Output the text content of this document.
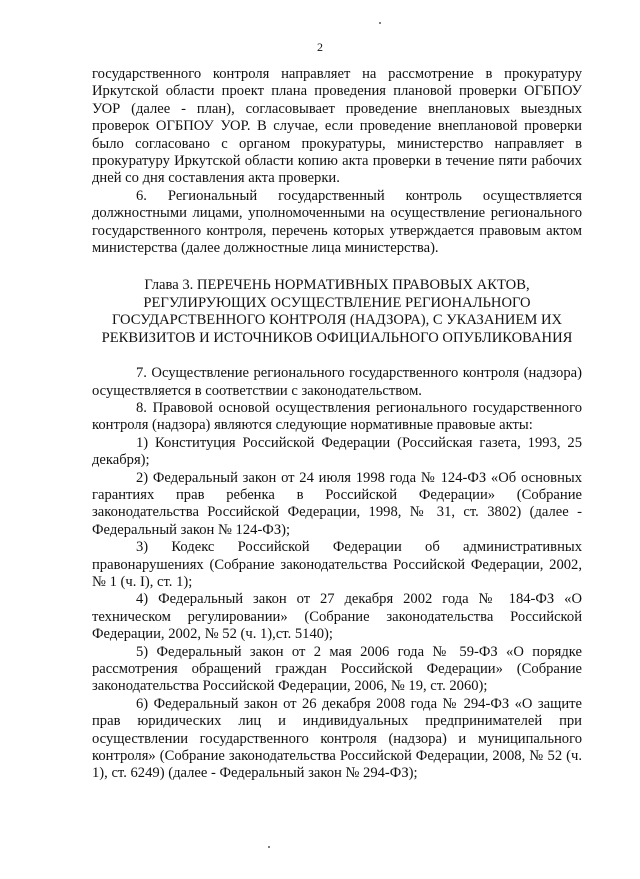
2

государственного контроля направляет на рассмотрение в прокуратуру Иркутской области проект плана проведения плановой проверки ОГБПОУ УОР (далее - план), согласовывает проведение внеплановых выездных проверок ОГБПОУ УОР. В случае, если проведение внеплановой проверки было согласовано с органом прокуратуры, министерство направляет в прокуратуру Иркутской области копию акта проверки в течение пяти рабочих дней со дня составления акта проверки.

6. Региональный государственный контроль осуществляется должностными лицами, уполномоченными на осуществление регионального государственного контроля, перечень которых утверждается правовым актом министерства (далее должностные лица министерства).

Глава 3. ПЕРЕЧЕНЬ НОРМАТИВНЫХ ПРАВОВЫХ АКТОВ, РЕГУЛИРУЮЩИХ ОСУЩЕСТВЛЕНИЕ РЕГИОНАЛЬНОГО ГОСУДАРСТВЕННОГО КОНТРОЛЯ (НАДЗОРА), С УКАЗАНИЕМ ИХ РЕКВИЗИТОВ И ИСТОЧНИКОВ ОФИЦИАЛЬНОГО ОПУБЛИКОВАНИЯ

7. Осуществление регионального государственного контроля (надзора) осуществляется в соответствии с законодательством.

8. Правовой основой осуществления регионального государственного контроля (надзора) являются следующие нормативные правовые акты:

1) Конституция Российской Федерации (Российская газета, 1993, 25 декабря);

2) Федеральный закон от 24 июля 1998 года № 124-ФЗ «Об основных гарантиях прав ребенка в Российской Федерации» (Собрание законодательства Российской Федерации, 1998, № 31, ст. 3802) (далее - Федеральный закон № 124-ФЗ);

3) Кодекс Российской Федерации об административных правонарушениях (Собрание законодательства Российской Федерации, 2002, № 1 (ч. I), ст. 1);

4) Федеральный закон от 27 декабря 2002 года № 184-ФЗ «О техническом регулировании» (Собрание законодательства Российской Федерации, 2002, № 52 (ч. 1),ст. 5140);

5) Федеральный закон от 2 мая 2006 года № 59-ФЗ «О порядке рассмотрения обращений граждан Российской Федерации» (Собрание законодательства Российской Федерации, 2006, № 19, ст. 2060);

6) Федеральный закон от 26 декабря 2008 года № 294-ФЗ «О защите прав юридических лиц и индивидуальных предпринимателей при осуществлении государственного контроля (надзора) и муниципального контроля» (Собрание законодательства Российской Федерации, 2008, № 52 (ч. 1), ст. 6249) (далее - Федеральный закон № 294-ФЗ);
